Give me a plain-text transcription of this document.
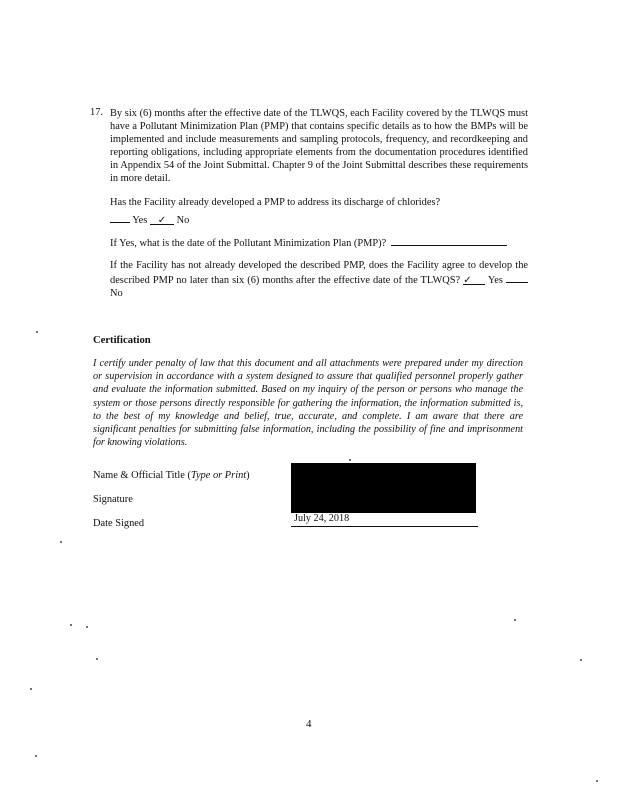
17. By six (6) months after the effective date of the TLWQS, each Facility covered by the TLWQS must have a Pollutant Minimization Plan (PMP) that contains specific details as to how the BMPs will be implemented and include measurements and sampling protocols, frequency, and recordkeeping and reporting obligations, including appropriate elements from the documentation procedures identified in Appendix 54 of the Joint Submittal. Chapter 9 of the Joint Submittal describes these requirements in more detail.
Has the Facility already developed a PMP to address its discharge of chlorides?
Yes ✓ No
If Yes, what is the date of the Pollutant Minimization Plan (PMP)?
If the Facility has not already developed the described PMP, does the Facility agree to develop the described PMP no later than six (6) months after the effective date of the TLWQS? ✓ Yes  No
Certification
I certify under penalty of law that this document and all attachments were prepared under my direction or supervision in accordance with a system designed to assure that qualified personnel properly gather and evaluate the information submitted. Based on my inquiry of the person or persons who manage the system or those persons directly responsible for gathering the information, the information submitted is, to the best of my knowledge and belief, true, accurate, and complete. I am aware that there are significant penalties for submitting false information, including the possibility of fine and imprisonment for knowing violations.
Name & Official Title (Type or Print)
Signature
Date Signed	July 24, 2018
4
